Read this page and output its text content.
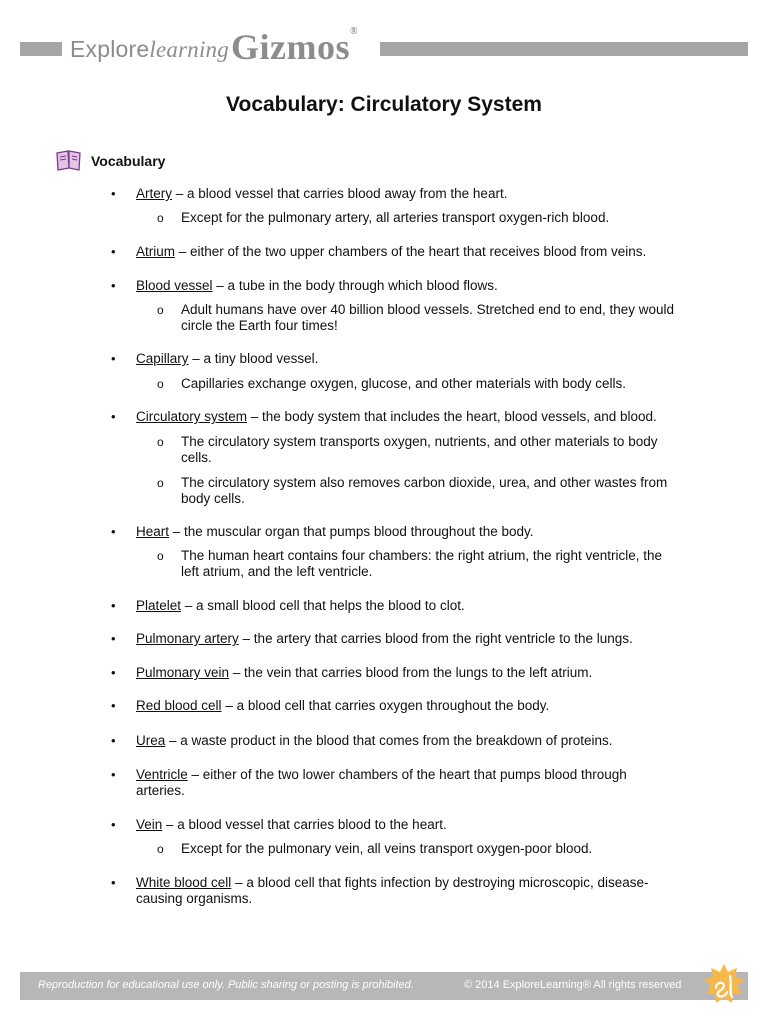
Explorelearning Gizmos®
Vocabulary: Circulatory System
Vocabulary
•	Artery – a blood vessel that carries blood away from the heart.
o Except for the pulmonary artery, all arteries transport oxygen-rich blood.
•	Atrium – either of the two upper chambers of the heart that receives blood from veins.
•	Blood vessel – a tube in the body through which blood flows.
o Adult humans have over 40 billion blood vessels. Stretched end to end, they would circle the Earth four times!
•	Capillary – a tiny blood vessel.
o Capillaries exchange oxygen, glucose, and other materials with body cells.
•	Circulatory system – the body system that includes the heart, blood vessels, and blood.
o The circulatory system transports oxygen, nutrients, and other materials to body cells.
o The circulatory system also removes carbon dioxide, urea, and other wastes from body cells.
•	Heart – the muscular organ that pumps blood throughout the body.
o The human heart contains four chambers: the right atrium, the right ventricle, the left atrium, and the left ventricle.
•	Platelet – a small blood cell that helps the blood to clot.
•	Pulmonary artery – the artery that carries blood from the right ventricle to the lungs.
•	Pulmonary vein – the vein that carries blood from the lungs to the left atrium.
•	Red blood cell – a blood cell that carries oxygen throughout the body.
•	Urea – a waste product in the blood that comes from the breakdown of proteins.
•	Ventricle – either of the two lower chambers of the heart that pumps blood through arteries.
•	Vein – a blood vessel that carries blood to the heart.
o Except for the pulmonary vein, all veins transport oxygen-poor blood.
•	White blood cell – a blood cell that fights infection by destroying microscopic, disease-causing organisms.
Reproduction for educational use only. Public sharing or posting is prohibited.	© 2014 ExploreLearning® All rights reserved
